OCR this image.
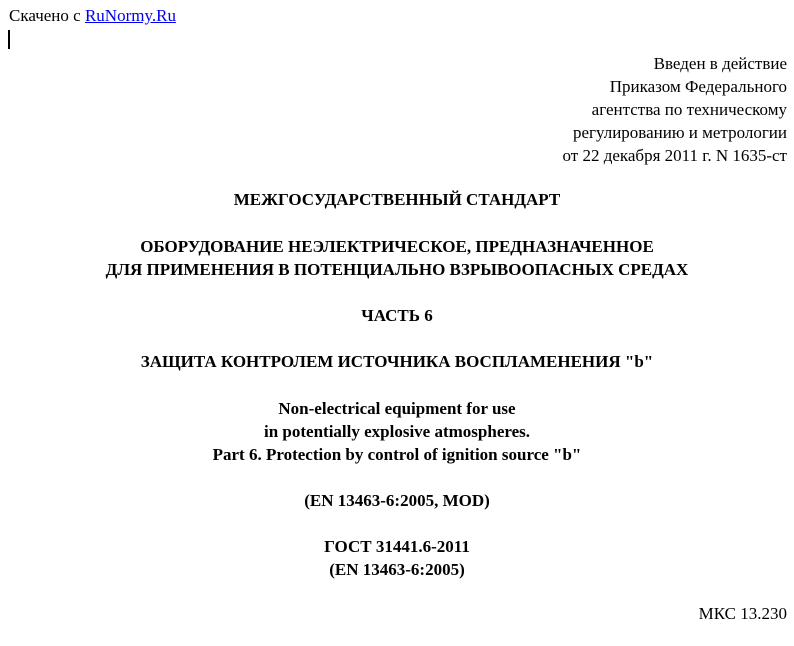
Скачено с RuNormy.Ru
Введен в действие
Приказом Федерального
агентства по техническому
регулированию и метрологии
от 22 декабря 2011 г. N 1635-ст
МЕЖГОСУДАРСТВЕННЫЙ СТАНДАРТ
ОБОРУДОВАНИЕ НЕЭЛЕКТРИЧЕСКОЕ, ПРЕДНАЗНАЧЕННОЕ
ДЛЯ ПРИМЕНЕНИЯ В ПОТЕНЦИАЛЬНО ВЗРЫВООПАСНЫХ СРЕДАХ
ЧАСТЬ 6
ЗАЩИТА КОНТРОЛЕМ ИСТОЧНИКА ВОСПЛАМЕНЕНИЯ "b"
Non-electrical equipment for use
in potentially explosive atmospheres.
Part 6. Protection by control of ignition source "b"
(EN 13463-6:2005, MOD)
ГОСТ 31441.6-2011
(EN 13463-6:2005)
МКС 13.230
